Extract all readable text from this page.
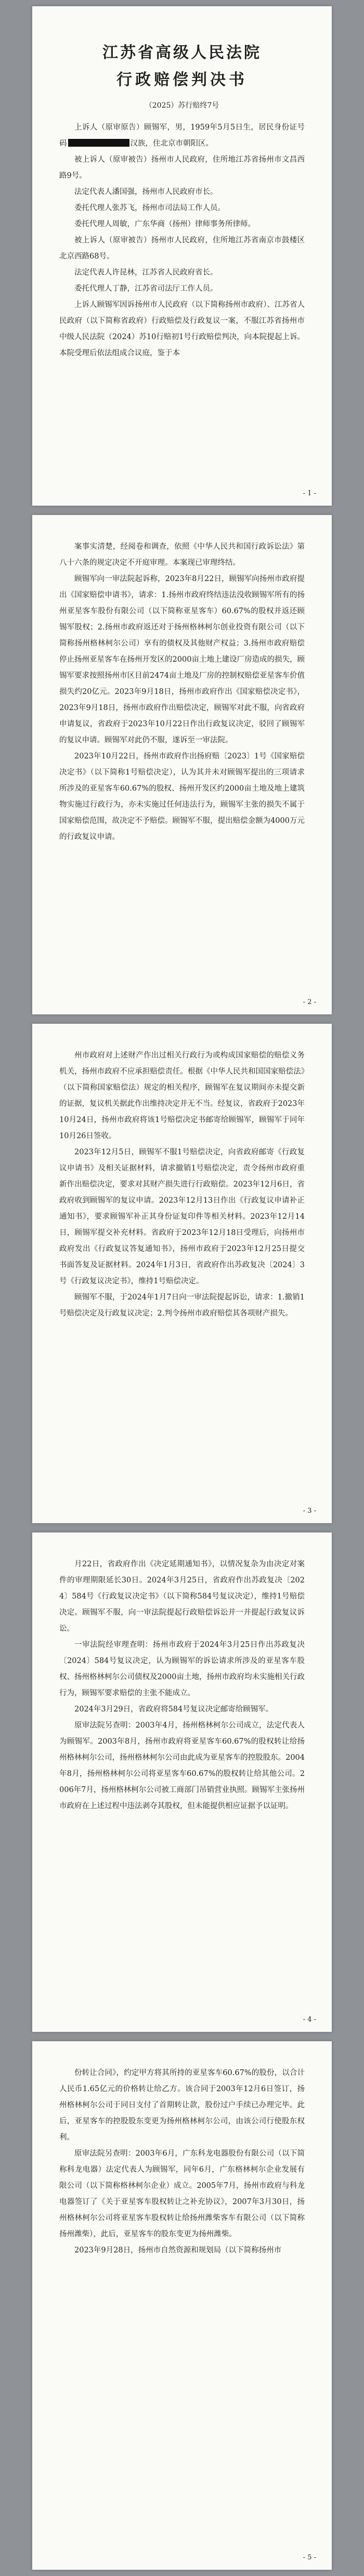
江苏省高级人民法院
行政赔偿判决书
（2025）苏行赔终7号

上诉人（原审原告）顾锡军，男，1959年5月5日生，居民身份证号码	汉族，住北京市朝阳区。

被上诉人（原审被告）扬州市人民政府，住所地江苏省扬州市文昌西路9号。

法定代表人潘国强，扬州市人民政府市长。

委托代理人张苏飞，扬州市司法局工作人员。

委托代理人周敏，广东华商（扬州）律师事务所律师。

被上诉人（原审被告）扬州市人民政府，住所地江苏省南京市鼓楼区北京西路68号。

法定代表人许昆林，江苏省人民政府省长。

委托代理人丁静，江苏省司法厅工作人员。

上诉人顾锡军因诉扬州市人民政府（以下简称扬州市政府）、江苏省人民政府（以下简称省政府）行政赔偿及行政复议一案，不服江苏省扬州市中级人民法院（2024）苏10行赔初1号行政赔偿判决，向本院提起上诉。本院受理后依法组成合议庭，鉴于本

- 1 -

案事实清楚，经阅卷和调查，依照《中华人民共和国行政诉讼法》第八十六条的规定决定不开庭审理。本案现已审理终结。

顾锡军向一审法院起诉称，2023年8月22日，顾锡军向扬州市政府提出《国家赔偿申请书》，请求：1.扬州市政府终结违法没收顾锡军所有的扬州亚星客车股份有限公司（以下简称亚星客车）60.67%的股权并返还顾锡军股权；2.扬州市政府返还对于扬州格林柯尔创业投资有限公司（以下简称扬州格林柯尔公司）享有的债权及其他财产权益；3.扬州市政府赔偿停止扬州亚星客车在扬州开发区的2000亩土地上建设厂房造成的损失，顾锡军要求按照扬州市区目前2474亩土地及厂房的控制权赔偿亚星客车价值损失约20亿元。2023年9月18日，扬州市政府作出《国家赔偿决定书》，2023年9月18日，扬州市政府作出赔偿决定，顾锡军对此不服，向省政府申请复议，省政府于2023年10月22日作出行政复议决定，驳回了顾锡军的复议申请。顾锡军对此仍不服，遂诉至一审法院。

2023年10月22日，扬州市政府作出扬府赔〔2023〕1号《国家赔偿决定书》（以下简称1号赔偿决定），认为其并未对顾锡军提出的三项请求所涉及的亚星客车60.67%的股权、扬州开发区约2000亩土地及地上建筑物实施过行政行为，亦未实施过任何违法行为，顾锡军主张的损失不属于国家赔偿范围，故决定不予赔偿。顾锡军不服，提出赔偿金额为4000万元的行政复议申请。

- 2 -

州市政府对上述财产作出过相关行政行为或构成国家赔偿的赔偿义务机关，扬州市政府不应承担赔偿责任。根据《中华人民共和国国家赔偿法》（以下简称国家赔偿法）规定的相关程序，顾锡军在复议期间亦未提交新的证据，复议机关据此作出维持决定并无不当。经复议，省政府于2023年10月24日，扬州市政府将该1号赔偿决定书邮寄给顾锡军，顾锡军于同年10月26日签收。

2023年12月5日，顾锡军不服1号赔偿决定，向省政府邮寄《行政复议申请书》及相关证据材料，请求撤销1号赔偿决定，责令扬州市政府重新作出赔偿决定，要求对其财产损失进行行政赔偿。2023年12月6日，省政府收到顾锡军的复议申请。2023年12月13日作出《行政复议申请补正通知书》，要求顾锡军补正其身份证复印件等相关材料。2023年12月14日，顾锡军提交补充材料。省政府于2023年12月18日受理后，向扬州市政府发出《行政复议答复通知书》，扬州市政府于2023年12月25日提交书面答复及证据材料。2024年1月3日，省政府作出苏政复决〔2024〕3号《行政复议决定书》，维持1号赔偿决定。

顾锡军不服，于2024年1月7日向一审法院提起诉讼，请求：1.撤销1号赔偿决定及行政复议决定；2.判令扬州市政府赔偿其各项财产损失。

- 3 -

月22日，省政府作出《决定延期通知书》，以情况复杂为由决定对案件的审理期限延长30日。2024年3月25日，省政府作出苏政复决〔2024〕584号《行政复议决定书》（以下简称584号复议决定），维持1号赔偿决定。顾锡军不服，向一审法院提起行政赔偿诉讼并一并提起行政复议诉讼。

一审法院经审理查明：扬州市政府于2024年3月25日作出苏政复决〔2024〕584号复议决定，认为顾锡军的诉讼请求所涉及的亚星客车股权、扬州格林柯尔公司债权及2000亩土地，扬州市政府均未实施相关行政行为，顾锡军要求赔偿的主张不能成立。

2024年3月29日，省政府将584号复议决定邮寄给顾锡军。

原审法院另查明：2003年4月，扬州格林柯尔公司成立，法定代表人为顾锡军。2003年8月，扬州市政府将亚星客车60.67%的股权转让给扬州格林柯尔公司，扬州格林柯尔公司由此成为亚星客车的控股股东。2004年8月，扬州格林柯尔公司将亚星客车60.67%的股权转让给其他公司。2006年7月，扬州格林柯尔公司被工商部门吊销营业执照。顾锡军主张扬州市政府在上述过程中违法剥夺其股权，但未能提供相应证据予以证明。

- 4 -

份转让合同》，约定甲方将其所持的亚星客车60.67%的股份，以合计人民币1.65亿元的价格转让给乙方。该合同于2003年12月6日签订，扬州格林柯尔公司于同日支付了首期转让款，股份过户手续已办理完毕。此后，亚星客车的控股股东变更为扬州格林柯尔公司，由该公司行使股东权利。

原审法院另查明：2003年6月，广东科龙电器股份有限公司（以下简称科龙电器）法定代表人为顾锡军，同年6月，广东格林柯尔企业发展有限公司（以下简称格林柯尔企业）成立。2005年7月，扬州市政府与科龙电器签订了《关于亚星客车股权转让之补充协议》，2007年3月30日，扬州格林柯尔公司将亚星客车股权转让给扬州潍柴客车有限公司（以下简称扬州潍柴），此后，亚星客车的股东变更为扬州潍柴。

2023年9月28日，扬州市自然资源和规划局（以下简称扬州市

- 5 -
